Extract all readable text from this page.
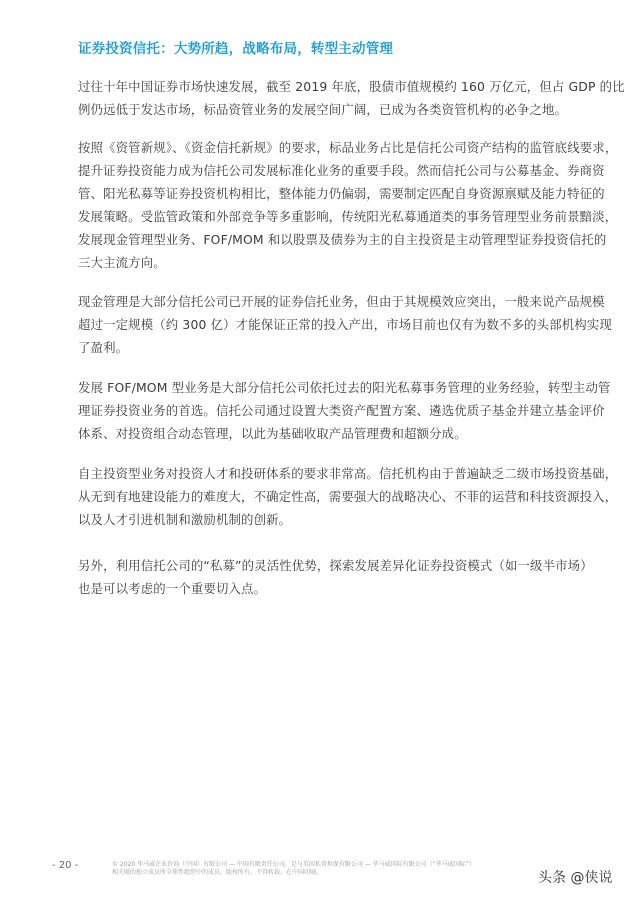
证券投资信托：大势所趋，战略布局，转型主动管理
过往十年中国证券市场快速发展，截至 2019 年底，股债市值规模约 160 万亿元，但占 GDP 的比
例仍远低于发达市场，标品资管业务的发展空间广阔，已成为各类资管机构的必争之地。
按照《资管新规》、《资金信托新规》的要求，标品业务占比是信托公司资产结构的监管底线要求，
提升证券投资能力成为信托公司发展标准化业务的重要手段。然而信托公司与公募基金、券商资
管、阳光私募等证券投资机构相比，整体能力仍偏弱，需要制定匹配自身资源禀赋及能力特征的
发展策略。受监管政策和外部竞争等多重影响，传统阳光私募通道类的事务管理型业务前景黯淡，
发展现金管理型业务、FOF/MOM 和以股票及债券为主的自主投资是主动管理型证券投资信托的
三大主流方向。
现金管理是大部分信托公司已开展的证券信托业务，但由于其规模效应突出，一般来说产品规模
超过一定规模（约 300 亿）才能保证正常的投入产出，市场目前也仅有为数不多的头部机构实现
了盈利。
发展 FOF/MOM 型业务是大部分信托公司依托过去的阳光私募事务管理的业务经验，转型主动管
理证券投资业务的首选。信托公司通过设置大类资产配置方案、遴选优质子基金并建立基金评价
体系、对投资组合动态管理，以此为基础收取产品管理费和超额分成。
自主投资型业务对投资人才和投研体系的要求非常高。信托机构由于普遍缺乏二级市场投资基础，
从无到有地建设能力的难度大，不确定性高，需要强大的战略决心、不菲的运营和科技资源投入，
以及人才引进机制和激励机制的创新。
另外，利用信托公司的“私募”的灵活性优势，探索发展差异化证券投资模式（如一级半市场）
也是可以考虑的一个重要切入点。
- 20 -	© 2020 毕马威企业咨询（中国）有限公司 — 中国有限责任公司，是与英国私营担保有限公司 — 毕马威国际有限公司（“毕马威国际”）
相关联的独立成员所全球性组织中的成员。版权所有，不得转载。在中国印刷。	头条 @侠说
